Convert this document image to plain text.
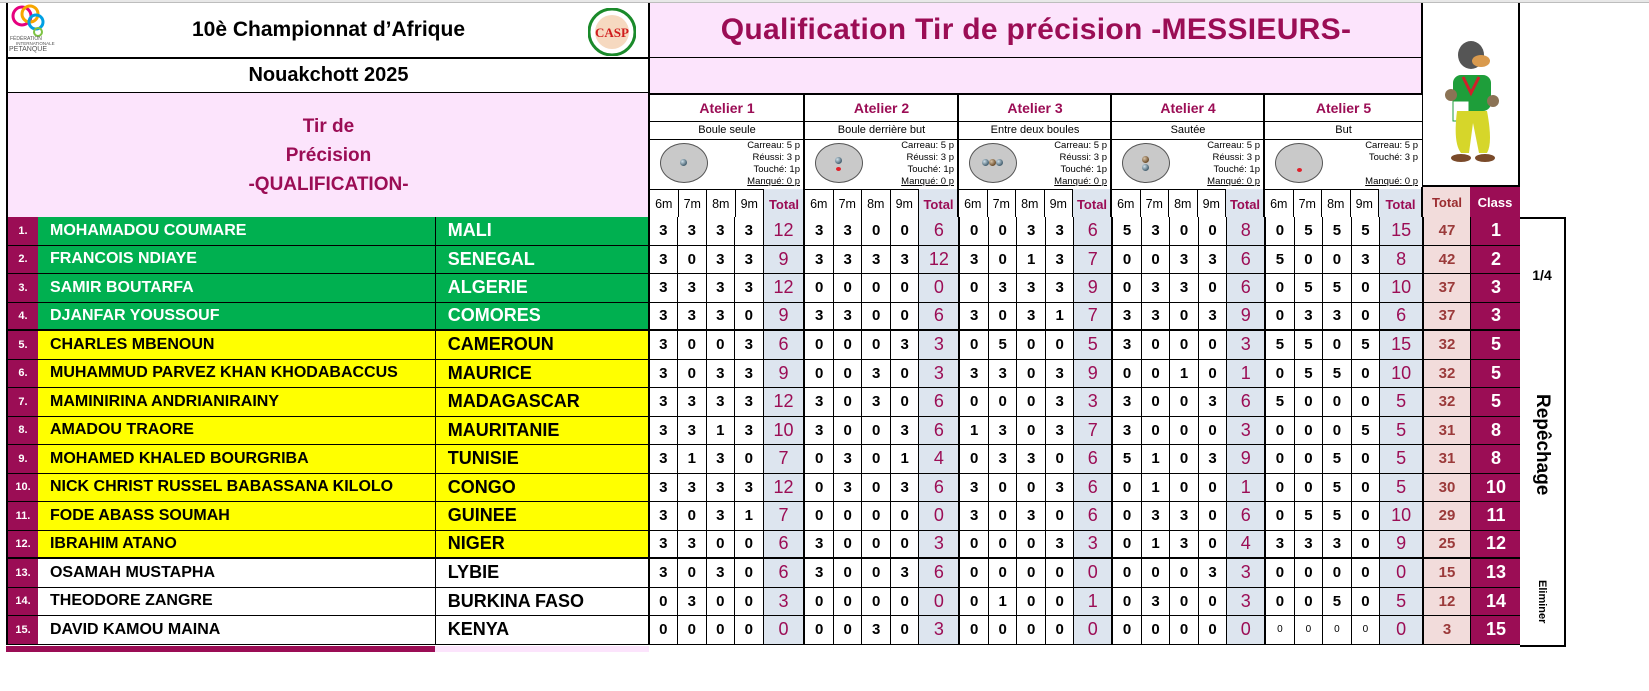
10è Championnat d’Afrique
FÉDÉRATION
INTERNATIONALE
PETANQUE
CASP
Nouakchott 2025
Tir de
Précision
-QUALIFICATION-
Qualification Tir de précision -MESSIEURS-
Atelier 1
Boule seule
Carreau: 5 p
Réussi: 3 p
Touché: 1p
Manqué: 0 p
6m 7m 8m 9m Total
Atelier 2
Boule derrière but
Carreau: 5 p
Réussi: 3 p
Touché: 1p
Manqué: 0 p
6m 7m 8m 9m Total
Atelier 3
Entre deux boules
Carreau: 5 p
Réussi: 3 p
Touché: 1p
Manqué: 0 p
6m 7m 8m 9m Total
Atelier 4
Sautée
Carreau: 5 p
Réussi: 3 p
Touché: 1p
Manqué: 0 p
6m 7m 8m 9m Total
Atelier 5
But
Carreau: 5 p
Touché: 3 p
Manqué: 0 p
6m 7m 8m 9m Total	Total	Class
1.	MOHAMADOU COUMARE	MALI	3	3	3	3	12	3	3	0	0	6	0	0	3	3	6	5	3	0	0	8	0	5	5	5	15	47	1
2.	FRANCOIS NDIAYE	SENEGAL	3	0	3	3	9	3	3	3	3	12	3	0	1	3	7	0	0	3	3	6	5	0	0	3	8	42	2
3.	SAMIR BOUTARFA	ALGERIE	3	3	3	3	12	0	0	0	0	0	0	3	3	3	9	0	3	3	0	6	0	5	5	0	10	37	3
4.	DJANFAR YOUSSOUF	COMORES	3	3	3	0	9	3	3	0	0	6	3	0	3	1	7	3	3	0	3	9	0	3	3	0	6	37	3
5.	CHARLES MBENOUN	CAMEROUN	3	0	0	3	6	0	0	0	3	3	0	5	0	0	5	3	0	0	0	3	5	5	0	5	15	32	5
6.	MUHAMMUD PARVEZ KHAN KHODABACCUS	MAURICE	3	0	3	3	9	0	0	3	0	3	3	3	0	3	9	0	0	1	0	1	0	5	5	0	10	32	5
7.	MAMINIRINA ANDRIANIRAINY	MADAGASCAR	3	3	3	3	12	3	0	3	0	6	0	0	0	3	3	3	0	0	3	6	5	0	0	0	5	32	5
8.	AMADOU TRAORE	MAURITANIE	3	3	1	3	10	3	0	0	3	6	1	3	0	3	7	3	0	0	0	3	0	0	0	5	5	31	8
9.	MOHAMED KHALED BOURGRIBA	TUNISIE	3	1	3	0	7	0	3	0	1	4	0	3	3	0	6	5	1	0	3	9	0	0	5	0	5	31	8
10.	NICK CHRIST RUSSEL BABASSANA KILOLO	CONGO	3	3	3	3	12	0	3	0	3	6	3	0	0	3	6	0	1	0	0	1	0	0	5	0	5	30	10
11.	FODE ABASS SOUMAH	GUINEE	3	0	3	1	7	0	0	0	0	0	3	0	3	0	6	0	3	3	0	6	0	5	5	0	10	29	11
12.	IBRAHIM ATANO	NIGER	3	3	0	0	6	3	0	0	0	3	0	0	0	3	3	0	1	3	0	4	3	3	3	0	9	25	12
13.	OSAMAH MUSTAPHA	LYBIE	3	0	3	0	6	3	0	0	3	6	0	0	0	0	0	0	0	0	3	3	0	0	0	0	0	15	13
14.	THEODORE ZANGRE	BURKINA FASO	0	3	0	0	3	0	0	0	0	0	0	1	0	0	1	0	3	0	0	3	0	0	5	0	5	12	14
15.	DAVID KAMOU MAINA	KENYA	0	0	0	0	0	0	0	3	0	3	0	0	0	0	0	0	0	0	0	0	0	0	0	0	0	3	15
1/4
Repêchage
Eliminer
